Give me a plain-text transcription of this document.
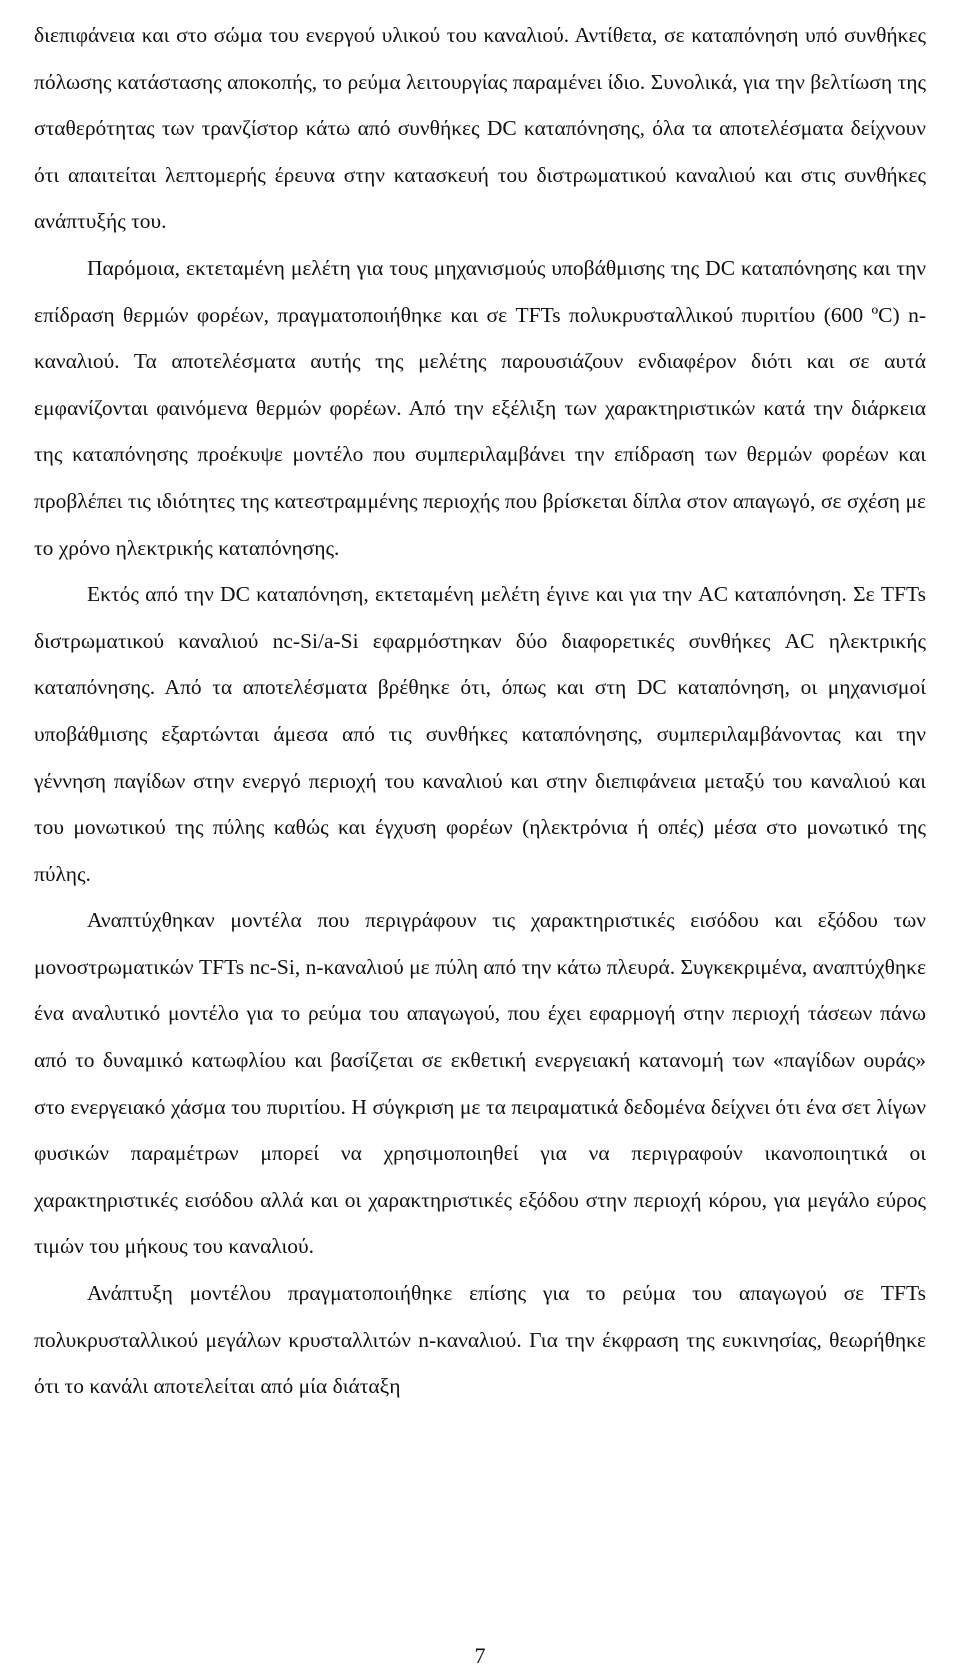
διεπιφάνεια και στο σώμα του ενεργού υλικού του καναλιού. Αντίθετα, σε καταπόνηση υπό συνθήκες πόλωσης κατάστασης αποκοπής, το ρεύμα λειτουργίας παραμένει ίδιο. Συνολικά, για την βελτίωση της σταθερότητας των τρανζίστορ κάτω από συνθήκες DC καταπόνησης, όλα τα αποτελέσματα δείχνουν ότι απαιτείται λεπτομερής έρευνα στην κατασκευή του διστρωματικού καναλιού και στις συνθήκες ανάπτυξής του.

Παρόμοια, εκτεταμένη μελέτη για τους μηχανισμούς υποβάθμισης της DC καταπόνησης και την επίδραση θερμών φορέων, πραγματοποιήθηκε και σε TFTs πολυκρυσταλλικού πυριτίου (600 ºC) n-καναλιού. Τα αποτελέσματα αυτής της μελέτης παρουσιάζουν ενδιαφέρον διότι και σε αυτά εμφανίζονται φαινόμενα θερμών φορέων. Από την εξέλιξη των χαρακτηριστικών κατά την διάρκεια της καταπόνησης προέκυψε μοντέλο που συμπεριλαμβάνει την επίδραση των θερμών φορέων και προβλέπει τις ιδιότητες της κατεστραμμένης περιοχής που βρίσκεται δίπλα στον απαγωγό, σε σχέση με το χρόνο ηλεκτρικής καταπόνησης.

Εκτός από την DC καταπόνηση, εκτεταμένη μελέτη έγινε και για την AC καταπόνηση. Σε TFTs διστρωματικού καναλιού nc-Si/a-Si εφαρμόστηκαν δύο διαφορετικές συνθήκες AC ηλεκτρικής καταπόνησης. Από τα αποτελέσματα βρέθηκε ότι, όπως και στη DC καταπόνηση, οι μηχανισμοί υποβάθμισης εξαρτώνται άμεσα από τις συνθήκες καταπόνησης, συμπεριλαμβάνοντας και την γέννηση παγίδων στην ενεργό περιοχή του καναλιού και στην διεπιφάνεια μεταξύ του καναλιού και του μονωτικού της πύλης καθώς και έγχυση φορέων (ηλεκτρόνια ή οπές) μέσα στο μονωτικό της πύλης.

Αναπτύχθηκαν μοντέλα που περιγράφουν τις χαρακτηριστικές εισόδου και εξόδου των μονοστρωματικών TFTs nc-Si, n-καναλιού με πύλη από την κάτω πλευρά. Συγκεκριμένα, αναπτύχθηκε ένα αναλυτικό μοντέλο για το ρεύμα του απαγωγού, που έχει εφαρμογή στην περιοχή τάσεων πάνω από το δυναμικό κατωφλίου και βασίζεται σε εκθετική ενεργειακή κατανομή των «παγίδων ουράς» στο ενεργειακό χάσμα του πυριτίου. Η σύγκριση με τα πειραματικά δεδομένα δείχνει ότι ένα σετ λίγων φυσικών παραμέτρων μπορεί να χρησιμοποιηθεί για να περιγραφούν ικανοποιητικά οι χαρακτηριστικές εισόδου αλλά και οι χαρακτηριστικές εξόδου στην περιοχή κόρου, για μεγάλο εύρος τιμών του μήκους του καναλιού.

Ανάπτυξη μοντέλου πραγματοποιήθηκε επίσης για το ρεύμα του απαγωγού σε TFTs πολυκρυσταλλικού μεγάλων κρυσταλλιτών n-καναλιού. Για την έκφραση της ευκινησίας, θεωρήθηκε ότι το κανάλι αποτελείται από μία διάταξη

7
